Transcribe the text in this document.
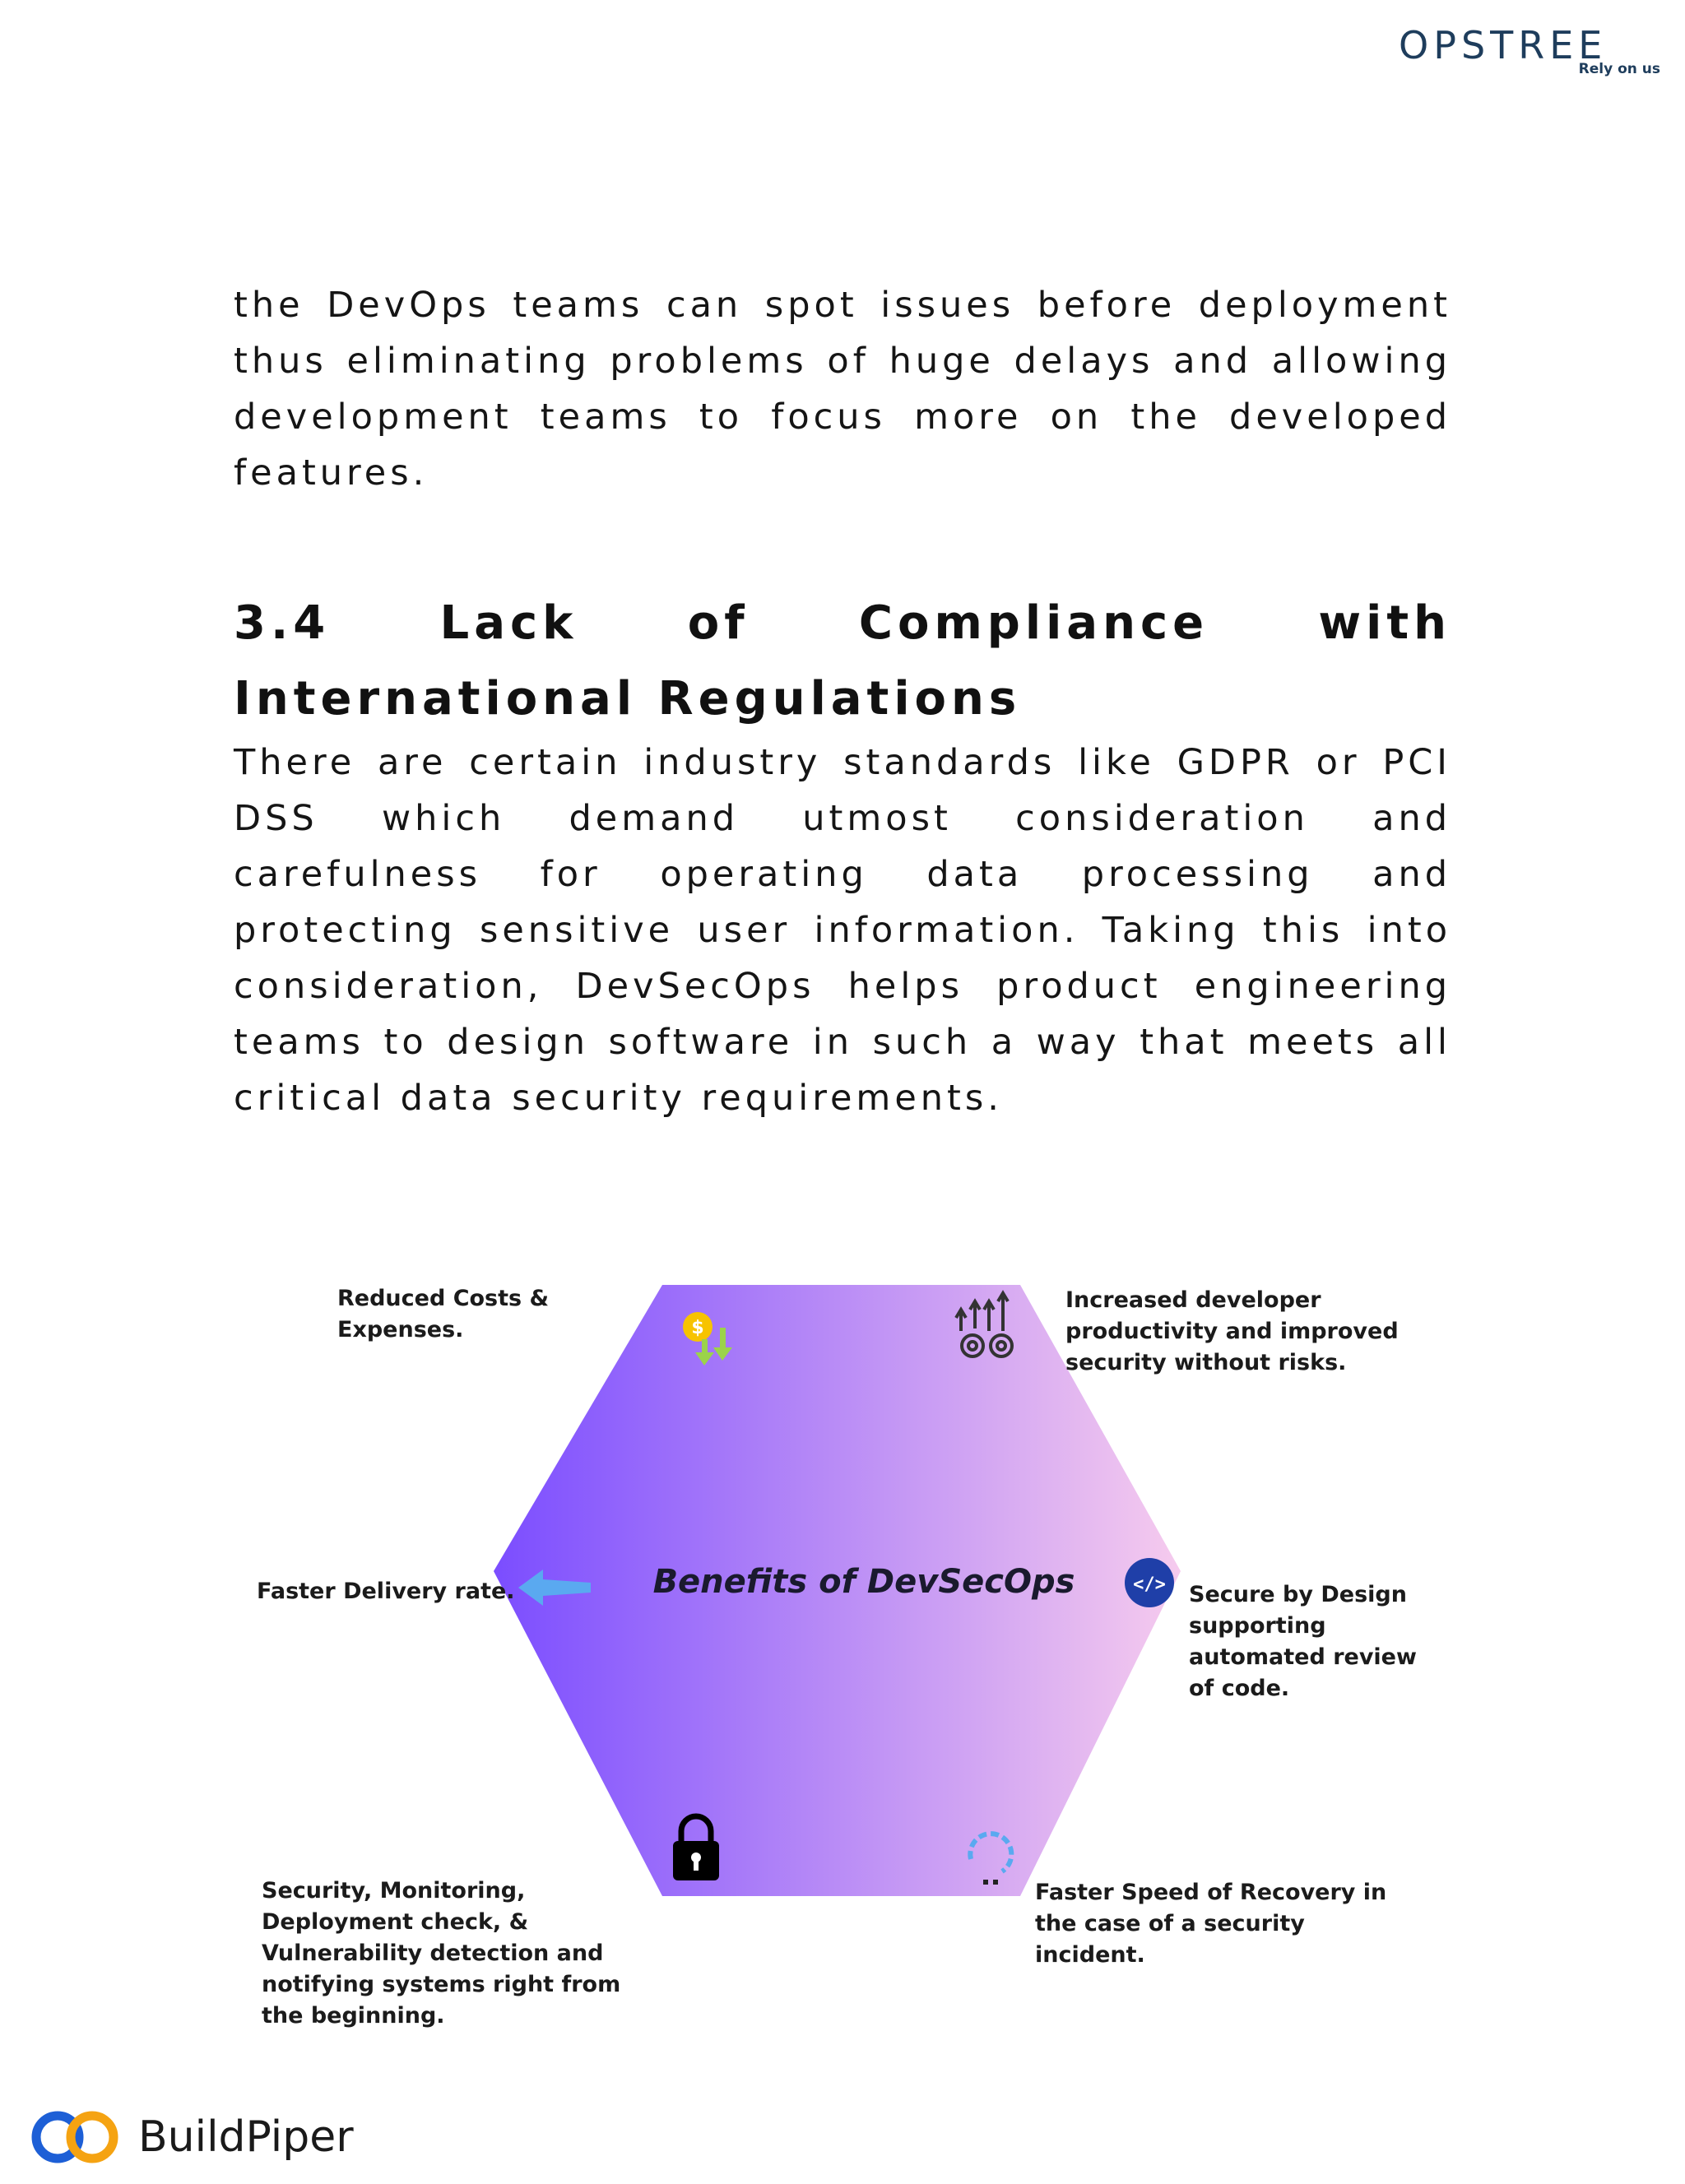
OPSTREE
Rely on us

the DevOps teams can spot issues before deployment thus eliminating problems of huge delays and allowing development teams to focus more on the developed features.

3.4 Lack of Compliance with International Regulations

There are certain industry standards like GDPR or PCI DSS which demand utmost consideration and carefulness for operating data processing and protecting sensitive user information. Taking this into consideration, DevSecOps helps product engineering teams to design software in such a way that meets all critical data security requirements.

$
</>

Benefits of DevSecOps

Reduced Costs & Expenses.

Increased developer productivity and improved security without risks.

Faster Delivery rate.	Secure by Design supporting automated review of code.

Security, Monitoring, Deployment check, & Vulnerability detection and notifying systems right from the beginning.

Faster Speed of Recovery in the case of a security incident.

BuildPiper
